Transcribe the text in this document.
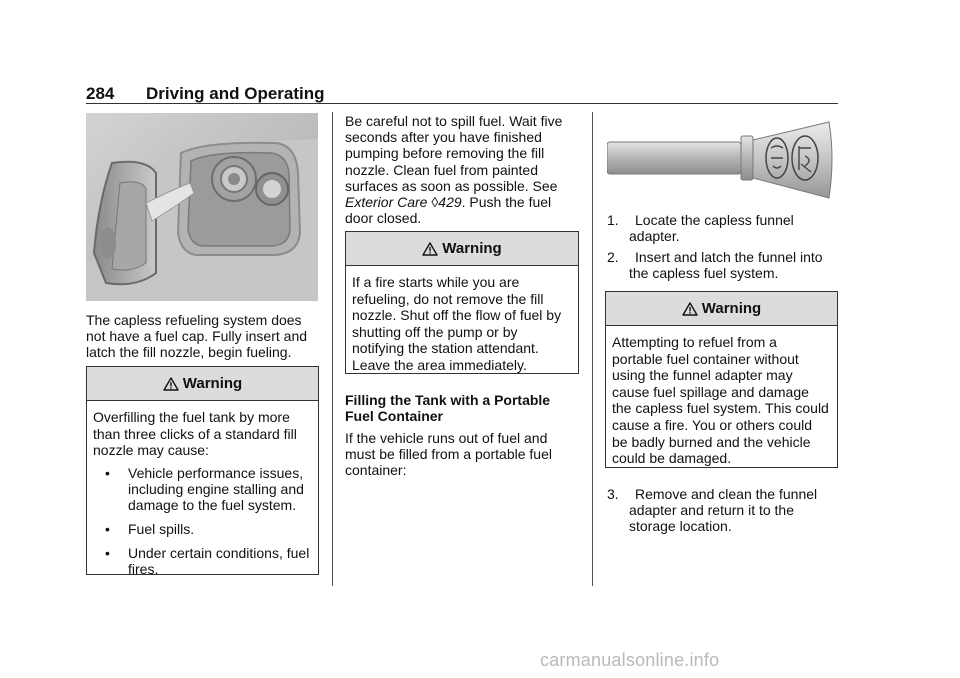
284 Driving and Operating

The capless refueling system does not have a fuel cap. Fully insert and latch the fill nozzle, begin fueling.

Warning

Overfilling the fuel tank by more than three clicks of a standard fill nozzle may cause:

• Vehicle performance issues, including engine stalling and damage to the fuel system.
• Fuel spills.
• Under certain conditions, fuel fires.

Be careful not to spill fuel. Wait five seconds after you have finished pumping before removing the fill nozzle. Clean fuel from painted surfaces as soon as possible. See Exterior Care ◊429. Push the fuel door closed.

Warning

If a fire starts while you are refueling, do not remove the fill nozzle. Shut off the flow of fuel by shutting off the pump or by notifying the station attendant. Leave the area immediately.

Filling the Tank with a Portable Fuel Container

If the vehicle runs out of fuel and must be filled from a portable fuel container:

1.	Locate the capless funnel adapter.
2.	Insert and latch the funnel into the capless fuel system.
Warning

Attempting to refuel from a portable fuel container without using the funnel adapter may cause fuel spillage and damage the capless fuel system. This could cause a fire. You or others could be badly burned and the vehicle could be damaged.

3.	Remove and clean the funnel adapter and return it to the storage location.
carmanualsonline.info
